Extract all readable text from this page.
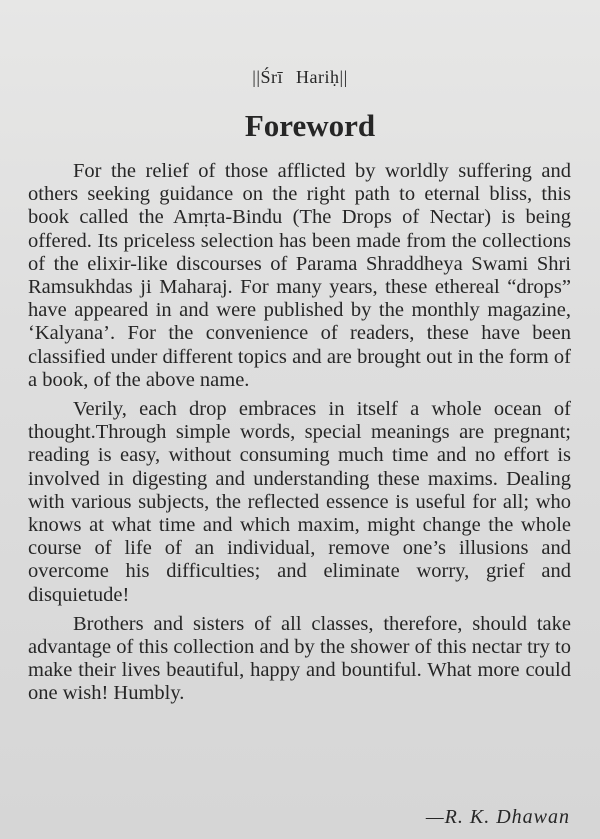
||Śrī Hariḥ||
Foreword

For the relief of those afflicted by worldly suffering and others seeking guidance on the right path to eternal bliss, this book called the Amṛta-Bindu (The Drops of Nectar) is being offered. Its priceless selection has been made from the collections of the elixir-like discourses of Parama Shraddheya Swami Shri Ramsukhdas ji Maharaj. For many years, these ethereal “drops” have appeared in and were published by the monthly magazine, ‘Kalyana’. For the convenience of readers, these have been classified under different topics and are brought out in the form of a book, of the above name.

Verily, each drop embraces in itself a whole ocean of thought.Through simple words, special meanings are pregnant; reading is easy, without consuming much time and no effort is involved in digesting and understanding these maxims. Dealing with various subjects, the reflected essence is useful for all; who knows at what time and which maxim, might change the whole course of life of an individual, remove one’s illusions and overcome his difficulties; and eliminate worry, grief and disquietude!

Brothers and sisters of all classes, therefore, should take advantage of this collection and by the shower of this nectar try to make their lives beautiful, happy and bountiful. What more could one wish! Humbly.

—R. K. Dhawan
